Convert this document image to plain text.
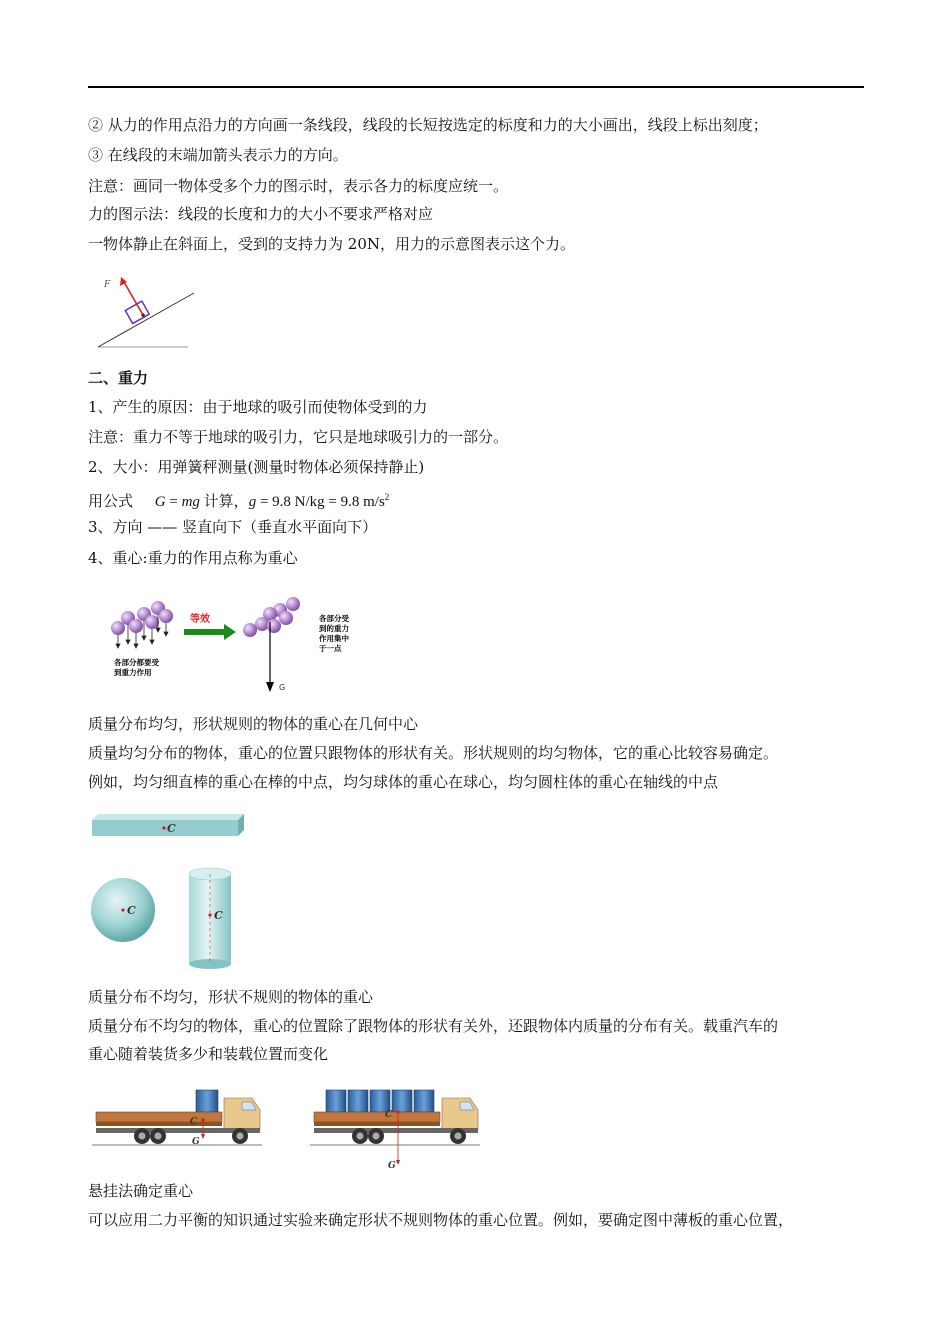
② 从力的作用点沿力的方向画一条线段，线段的长短按选定的标度和力的大小画出，线段上标出刻度；
③ 在线段的末端加箭头表示力的方向。
注意：画同一物体受多个力的图示时，表示各力的标度应统一。
力的图示法：线段的长度和力的大小不要求严格对应
一物体静止在斜面上，受到的支持力为 20N，用力的示意图表示这个力。
F
二、重力
1、产生的原因：由于地球的吸引而使物体受到的力
注意：重力不等于地球的吸引力，它只是地球吸引力的一部分。
2、大小：用弹簧秤测量(测量时物体必须保持静止)
用公式 G = mg 计算，g = 9.8 N/kg = 9.8 $m/s^2$
3、方向 —— 竖直向下（垂直水平面向下）
4、重心:重力的作用点称为重心
各部分都要受
到重力作用
等效
G
各部分受
到的重力
作用集中
于一点
质量分布均匀，形状规则的物体的重心在几何中心
质量均匀分布的物体，重心的位置只跟物体的形状有关。形状规则的均匀物体，它的重心比较容易确定。
例如，均匀细直棒的重心在棒的中点，均匀球体的重心在球心，均匀圆柱体的重心在轴线的中点
C
C	C
质量分布不均匀，形状不规则的物体的重心
质量分布不均匀的物体，重心的位置除了跟物体的形状有关外，还跟物体内质量的分布有关。载重汽车的
重心随着装货多少和装载位置而变化
C
G
C
G
悬挂法确定重心
可以应用二力平衡的知识通过实验来确定形状不规则物体的重心位置。例如，要确定图中薄板的重心位置，
